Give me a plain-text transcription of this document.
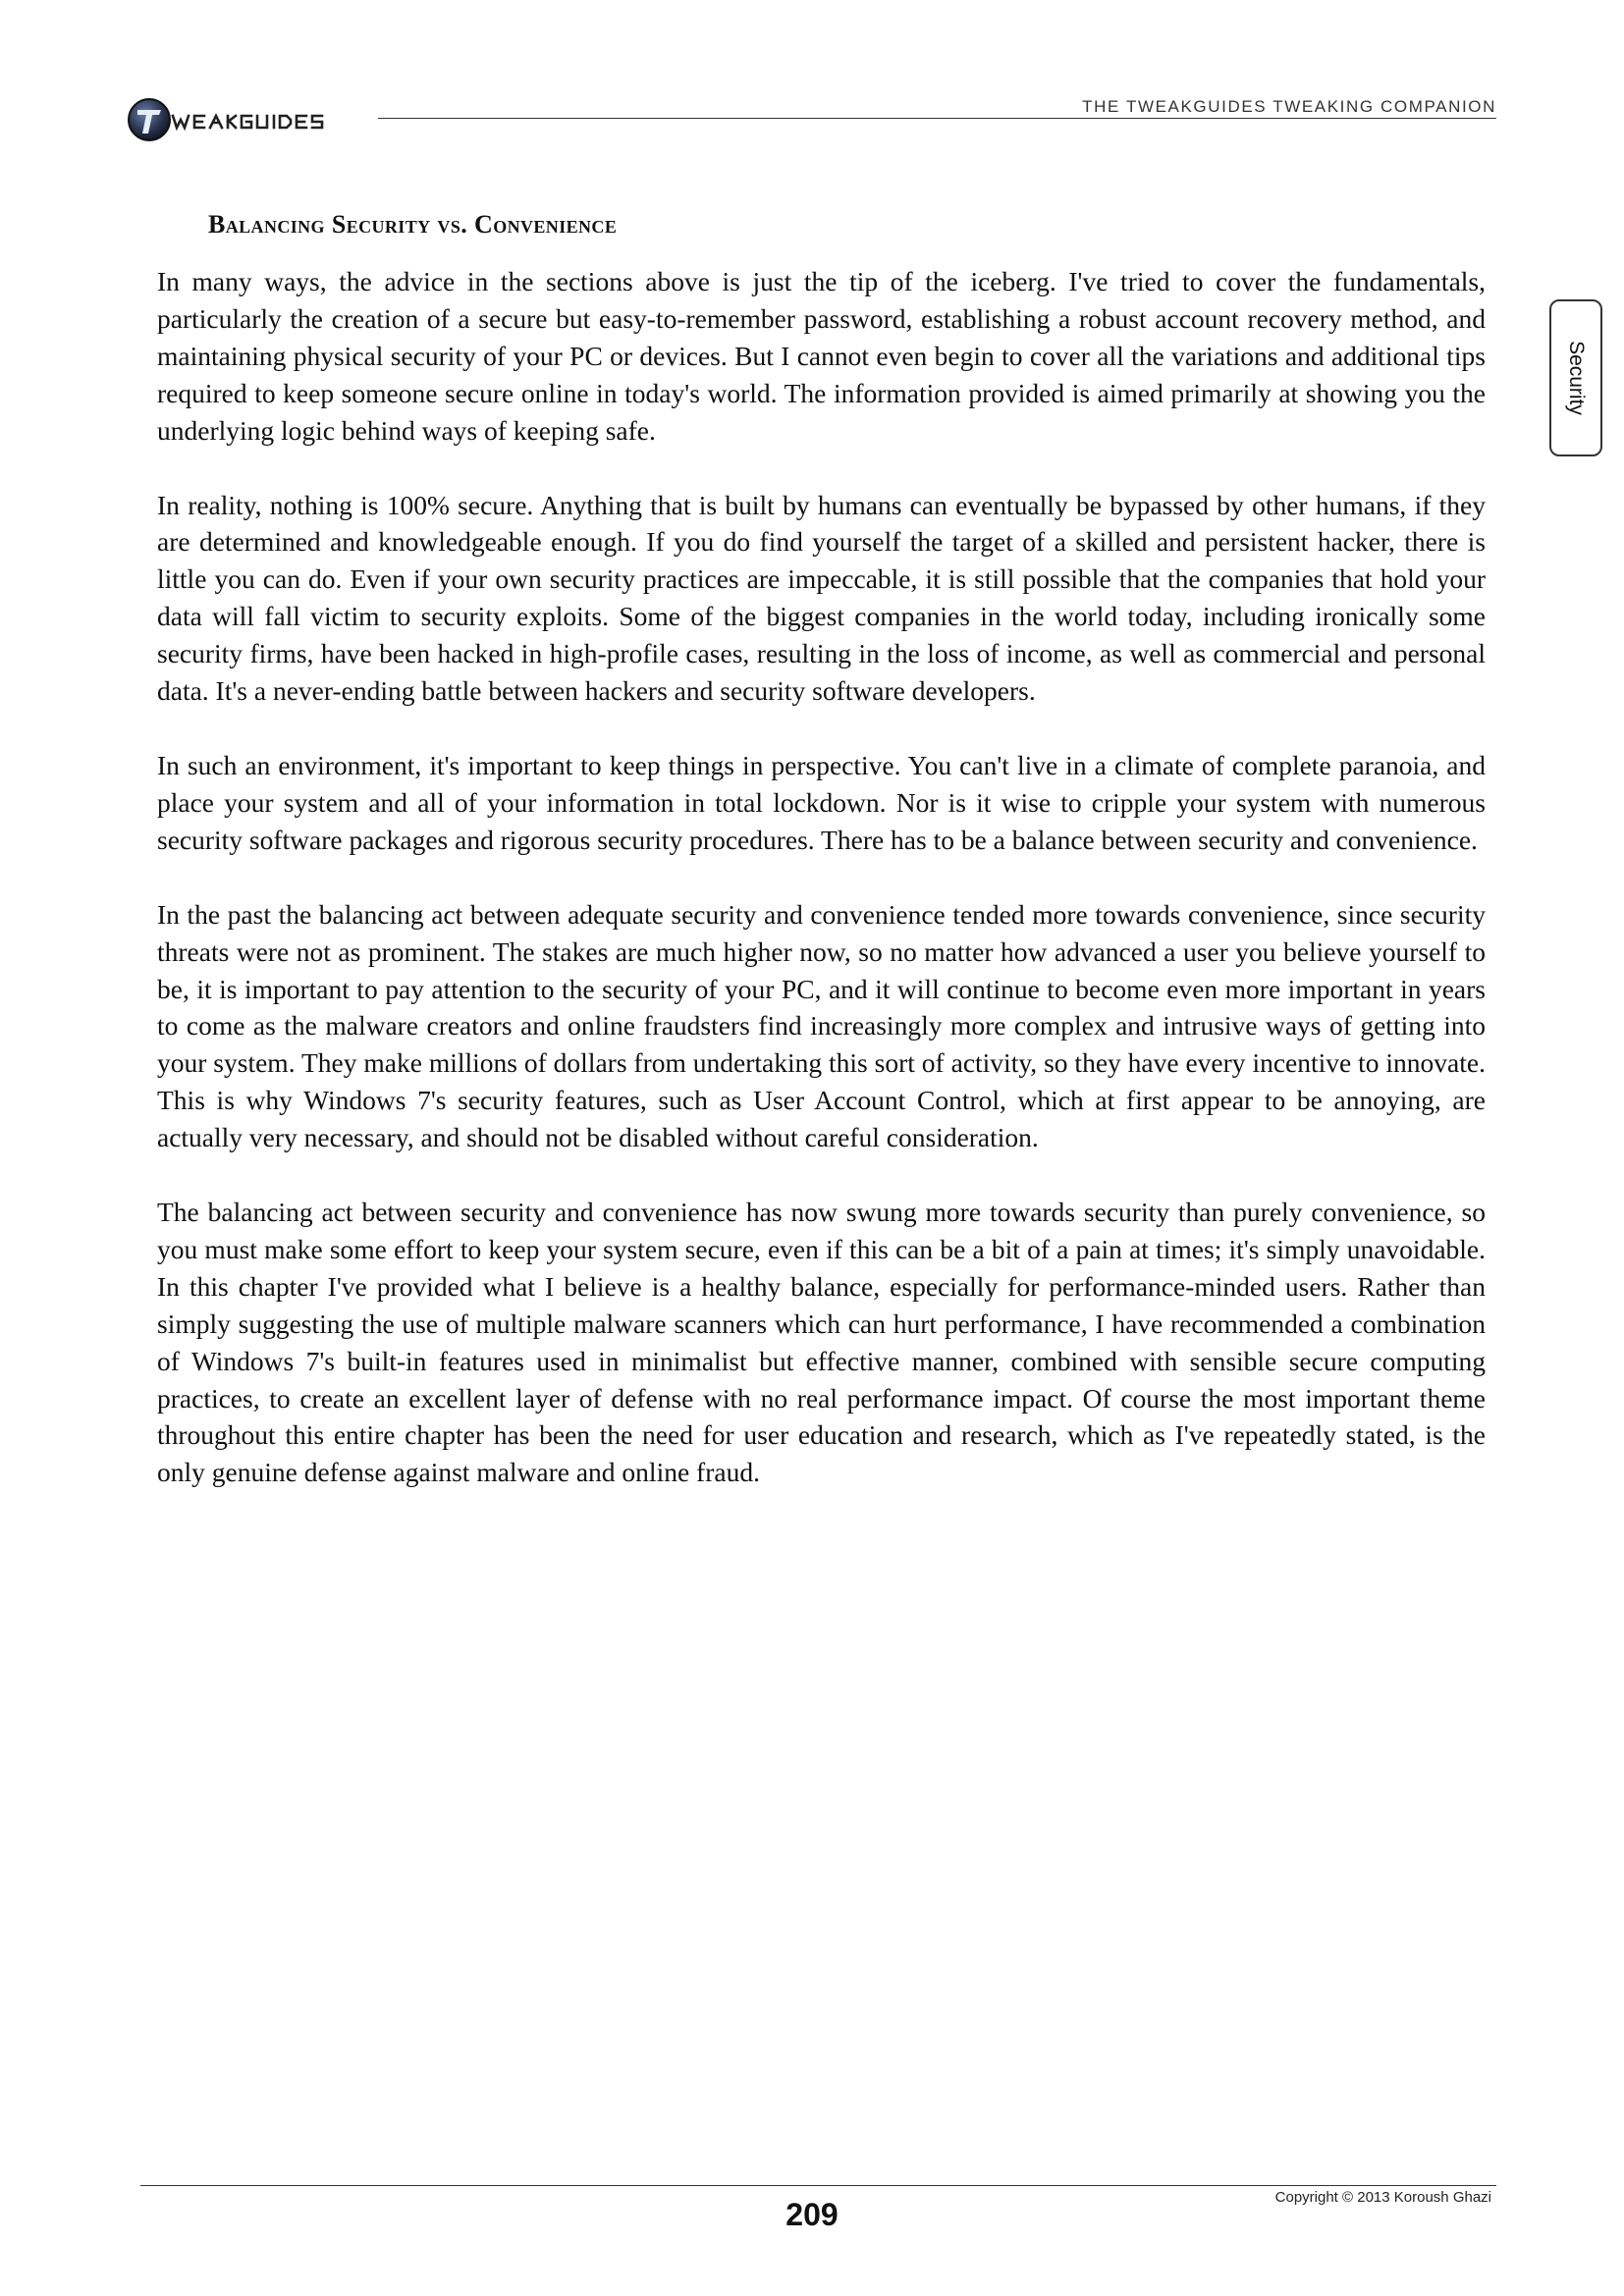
THE TWEAKGUIDES TWEAKING COMPANION
Security
Balancing Security vs. Convenience

In many ways, the advice in the sections above is just the tip of the iceberg. I've tried to cover the fundamentals, particularly the creation of a secure but easy-to-remember password, establishing a robust account recovery method, and maintaining physical security of your PC or devices. But I cannot even begin to cover all the variations and additional tips required to keep someone secure online in today's world. The information provided is aimed primarily at showing you the underlying logic behind ways of keeping safe.

In reality, nothing is 100% secure. Anything that is built by humans can eventually be bypassed by other humans, if they are determined and knowledgeable enough. If you do find yourself the target of a skilled and persistent hacker, there is little you can do. Even if your own security practices are impeccable, it is still possible that the companies that hold your data will fall victim to security exploits. Some of the biggest companies in the world today, including ironically some security firms, have been hacked in high-profile cases, resulting in the loss of income, as well as commercial and personal data. It's a never-ending battle between hackers and security software developers.

In such an environment, it's important to keep things in perspective. You can't live in a climate of complete paranoia, and place your system and all of your information in total lockdown. Nor is it wise to cripple your system with numerous security software packages and rigorous security procedures. There has to be a balance between security and convenience.

In the past the balancing act between adequate security and convenience tended more towards convenience, since security threats were not as prominent. The stakes are much higher now, so no matter how advanced a user you believe yourself to be, it is important to pay attention to the security of your PC, and it will continue to become even more important in years to come as the malware creators and online fraudsters find increasingly more complex and intrusive ways of getting into your system. They make millions of dollars from undertaking this sort of activity, so they have every incentive to innovate. This is why Windows 7's security features, such as User Account Control, which at first appear to be annoying, are actually very necessary, and should not be disabled without careful consideration.

The balancing act between security and convenience has now swung more towards security than purely convenience, so you must make some effort to keep your system secure, even if this can be a bit of a pain at times; it's simply unavoidable. In this chapter I've provided what I believe is a healthy balance, especially for performance-minded users. Rather than simply suggesting the use of multiple malware scanners which can hurt performance, I have recommended a combination of Windows 7's built-in features used in minimalist but effective manner, combined with sensible secure computing practices, to create an excellent layer of defense with no real performance impact. Of course the most important theme throughout this entire chapter has been the need for user education and research, which as I've repeatedly stated, is the only genuine defense against malware and online fraud.

Copyright © 2013 Koroush Ghazi
209
